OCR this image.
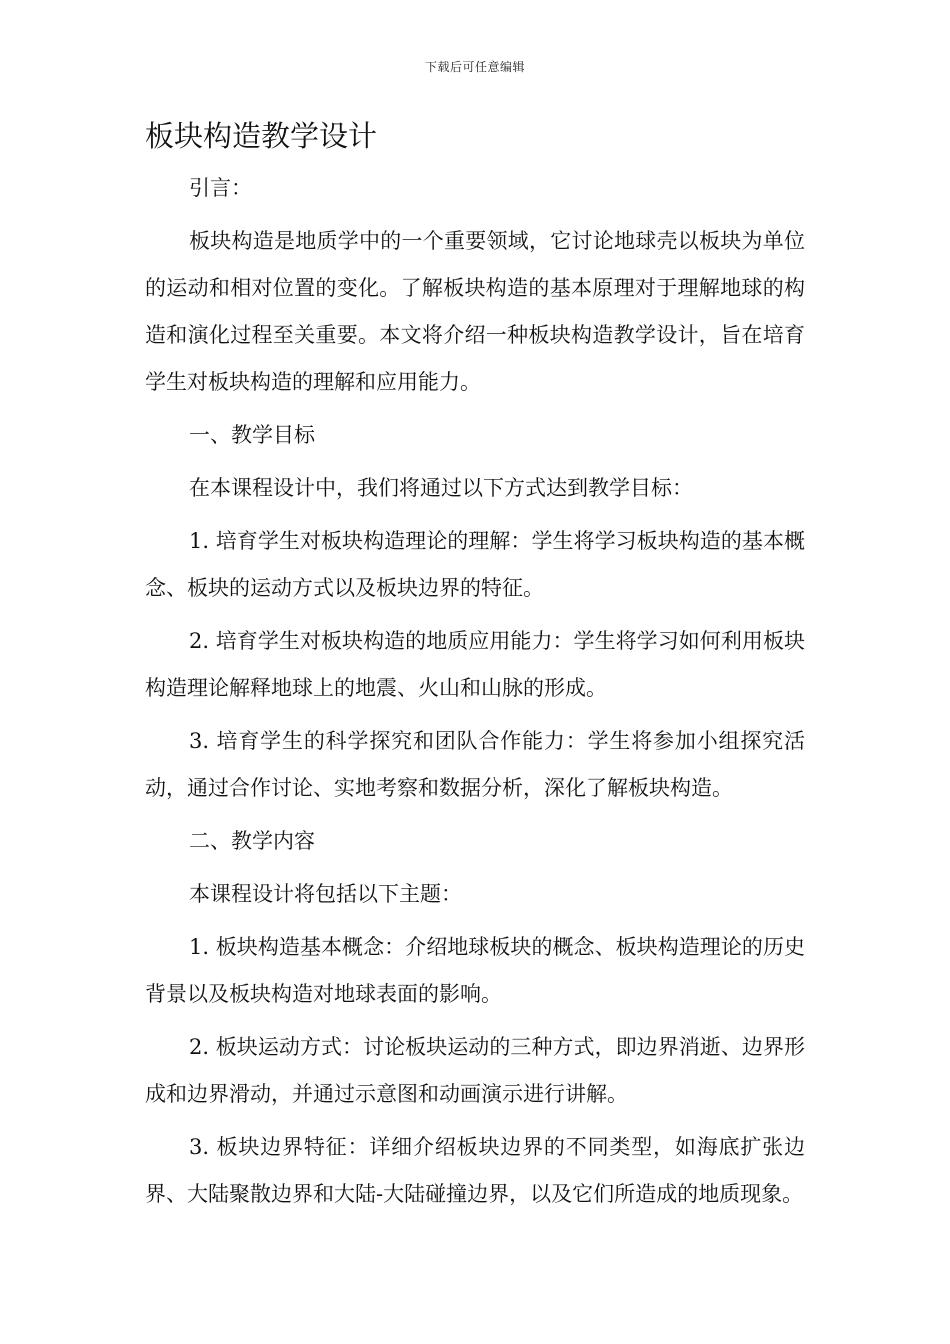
下载后可任意编辑
板块构造教学设计

引言：

板块构造是地质学中的一个重要领域，它讨论地球壳以板块为单位的运动和相对位置的变化。了解板块构造的基本原理对于理解地球的构造和演化过程至关重要。本文将介绍一种板块构造教学设计，旨在培育学生对板块构造的理解和应用能力。

一、教学目标

在本课程设计中，我们将通过以下方式达到教学目标：

1. 培育学生对板块构造理论的理解：学生将学习板块构造的基本概念、板块的运动方式以及板块边界的特征。

2. 培育学生对板块构造的地质应用能力：学生将学习如何利用板块构造理论解释地球上的地震、火山和山脉的形成。

3. 培育学生的科学探究和团队合作能力：学生将参加小组探究活动，通过合作讨论、实地考察和数据分析，深化了解板块构造。

二、教学内容

本课程设计将包括以下主题：

1. 板块构造基本概念：介绍地球板块的概念、板块构造理论的历史背景以及板块构造对地球表面的影响。

2. 板块运动方式：讨论板块运动的三种方式，即边界消逝、边界形成和边界滑动，并通过示意图和动画演示进行讲解。

3. 板块边界特征：详细介绍板块边界的不同类型，如海底扩张边界、大陆聚散边界和大陆-大陆碰撞边界，以及它们所造成的地质现象。
